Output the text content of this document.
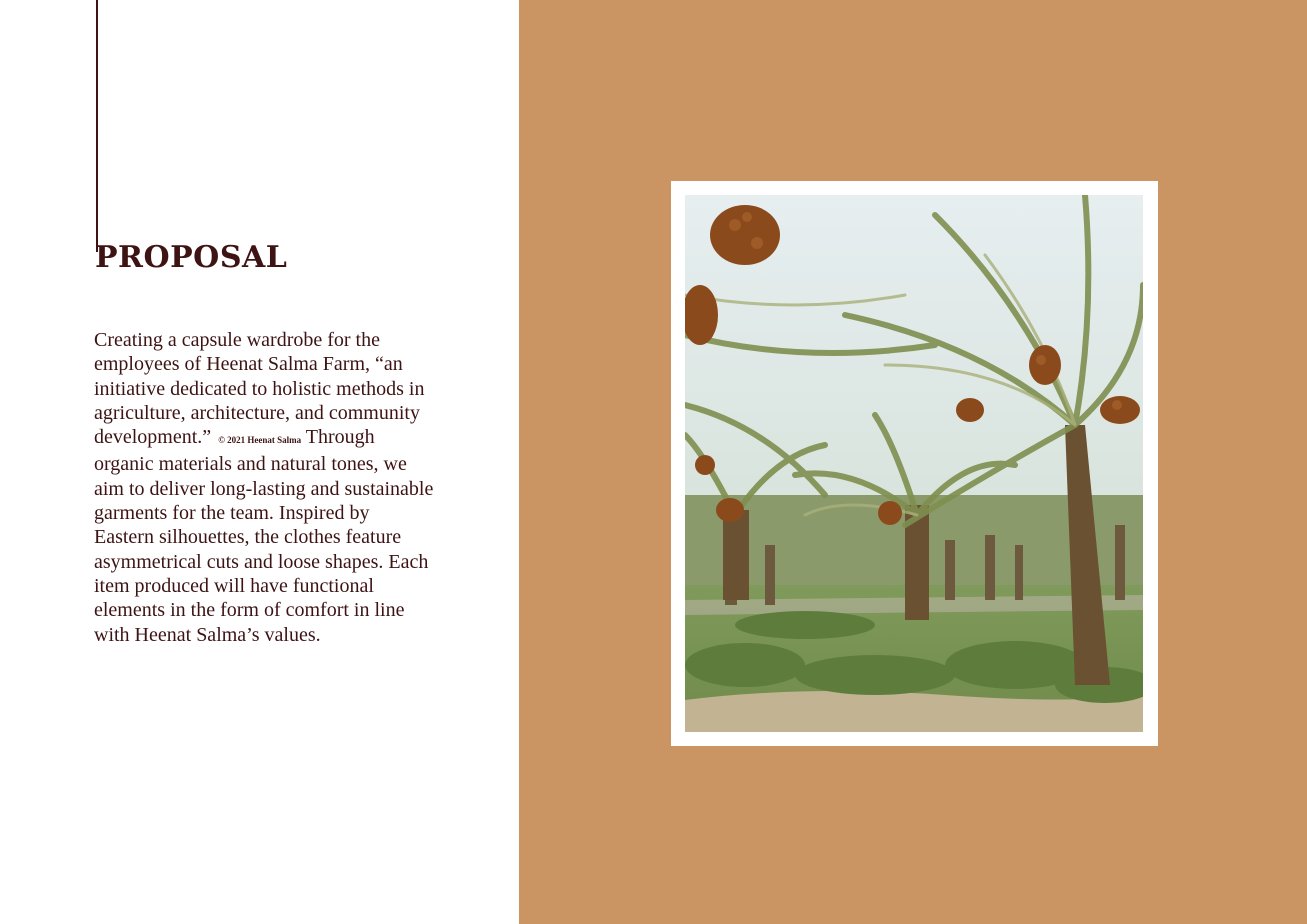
PROPOSAL

Creating a capsule wardrobe for the employees of Heenat Salma Farm, “an initiative dedicated to holistic methods in agriculture, architecture, and community development.” © 2021 Heenat Salma Through organic materials and natural tones, we aim to deliver long-lasting and sustainable garments for the team. Inspired by Eastern silhouettes, the clothes feature asymmetrical cuts and loose shapes. Each item produced will have functional elements in the form of comfort in line with Heenat Salma’s values.
